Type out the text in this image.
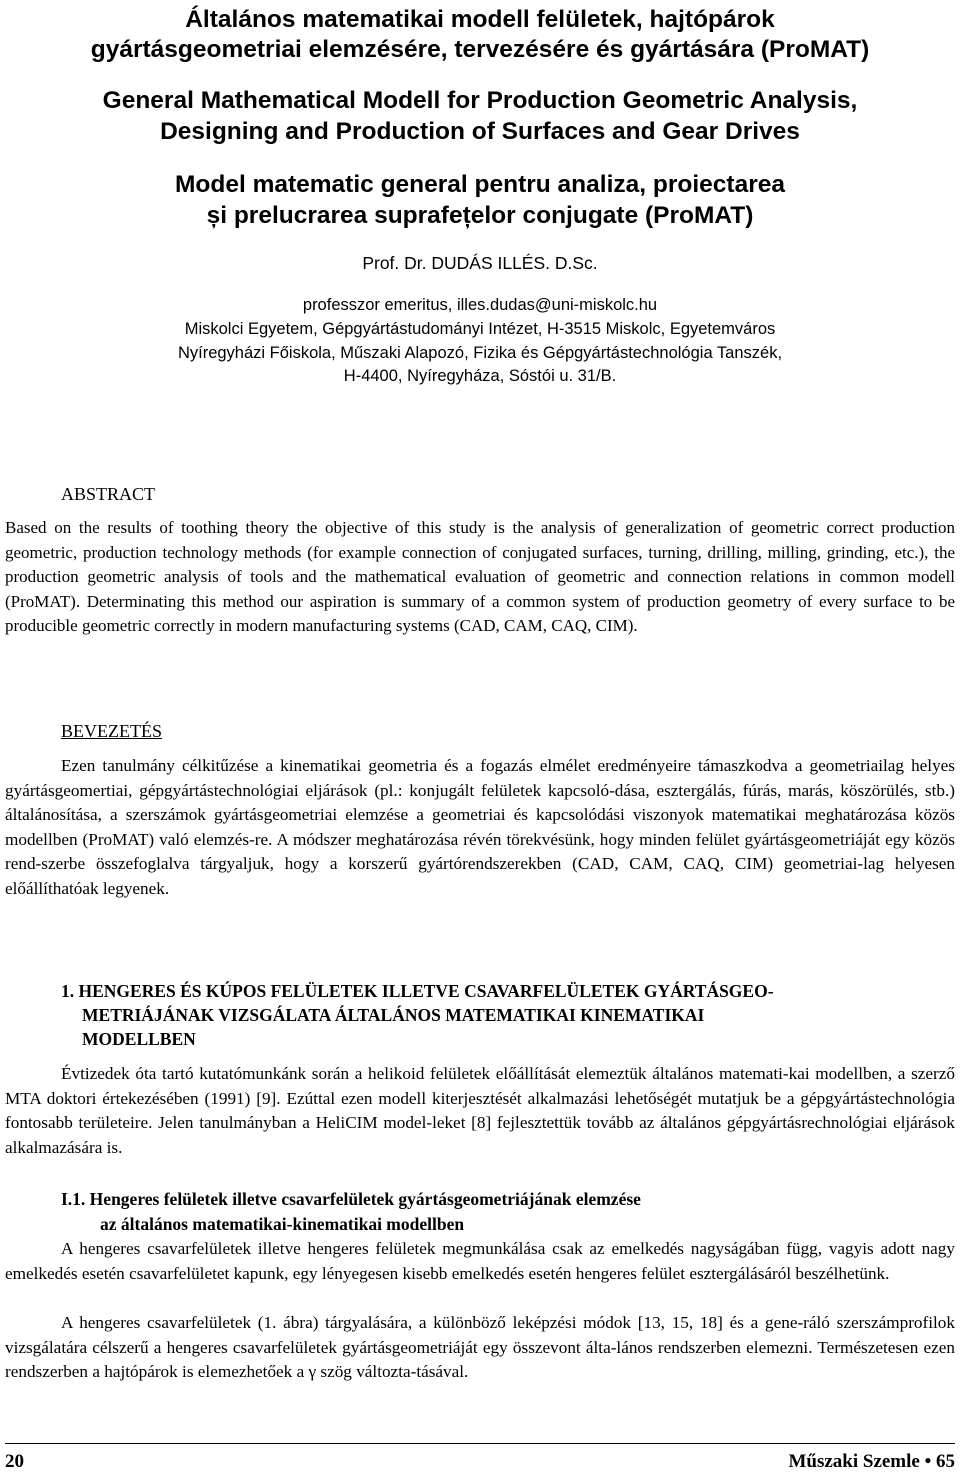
Általános matematikai modell felületek, hajtópárok
gyártásgeometriai elemzésére, tervezésére és gyártására (ProMAT)
General Mathematical Modell for Production Geometric Analysis,
Designing and Production of Surfaces and Gear Drives
Model matematic general pentru analiza, proiectarea
și prelucrarea suprafețelor conjugate (ProMAT)
Prof. Dr. DUDÁS ILLÉS. D.Sc.
professzor emeritus, illes.dudas@uni-miskolc.hu
Miskolci Egyetem, Gépgyártástudományi Intézet, H-3515 Miskolc, Egyetemváros
Nyíregyházi Főiskola, Műszaki Alapozó, Fizika és Gépgyártástechnológia Tanszék,
H-4400, Nyíregyháza, Sóstói u. 31/B.
ABSTRACT

Based on the results of toothing theory the objective of this study is the analysis of generalization of geometric correct production geometric, production technology methods (for example connection of conjugated surfaces, turning, drilling, milling, grinding, etc.), the production geometric analysis of tools and the mathematical evaluation of geometric and connection relations in common modell (ProMAT). Determinating this method our aspiration is summary of a common system of production geometry of every surface to be producible geometric correctly in modern manufacturing systems (CAD, CAM, CAQ, CIM).

BEVEZETÉS

Ezen tanulmány célkitűzése a kinematikai geometria és a fogazás elmélet eredményeire támaszkodva a geometriailag helyes gyártásgeomertiai, gépgyártástechnológiai eljárások (pl.: konjugált felületek kapcsoló-dása, esztergálás, fúrás, marás, köszörülés, stb.) általánosítása, a szerszámok gyártásgeometriai elemzése a geometriai és kapcsolódási viszonyok matematikai meghatározása közös modellben (ProMAT) való elemzés-re. A módszer meghatározása révén törekvésünk, hogy minden felület gyártásgeometriáját egy közös rend-szerbe összefoglalva tárgyaljuk, hogy a korszerű gyártórendszerekben (CAD, CAM, CAQ, CIM) geometriai-lag helyesen előállíthatóak legyenek.

1. HENGERES ÉS KÚPOS FELÜLETEK ILLETVE CSAVARFELÜLETEK GYÁRTÁSGEO-
METRIÁJÁNAK VIZSGÁLATA ÁLTALÁNOS MATEMATIKAI KINEMATIKAI
MODELLBEN

Évtizedek óta tartó kutatómunkánk során a helikoid felületek előállítását elemeztük általános matemati-kai modellben, a szerző MTA doktori értekezésében (1991) [9]. Ezúttal ezen modell kiterjesztését alkalmazási lehetőségét mutatjuk be a gépgyártástechnológia fontosabb területeire. Jelen tanulmányban a HeliCIM model-leket [8] fejlesztettük tovább az általános gépgyártásrechnológiai eljárások alkalmazására is.

I.1. Hengeres felületek illetve csavarfelületek gyártásgeometriájának elemzése
az általános matematikai-kinematikai modellben

A hengeres csavarfelületek illetve hengeres felületek megmunkálása csak az emelkedés nagyságában függ, vagyis adott nagy emelkedés esetén csavarfelületet kapunk, egy lényegesen kisebb emelkedés esetén hengeres felület esztergálásáról beszélhetünk.

A hengeres csavarfelületek (1. ábra) tárgyalására, a különböző leképzési módok [13, 15, 18] és a gene-ráló szerszámprofilok vizsgálatára célszerű a hengeres csavarfelületek gyártásgeometriáját egy összevont álta-lános rendszerben elemezni. Természetesen ezen rendszerben a hajtópárok is elemezhetőek a γ szög változta-tásával.

20	Műszaki Szemle • 65
